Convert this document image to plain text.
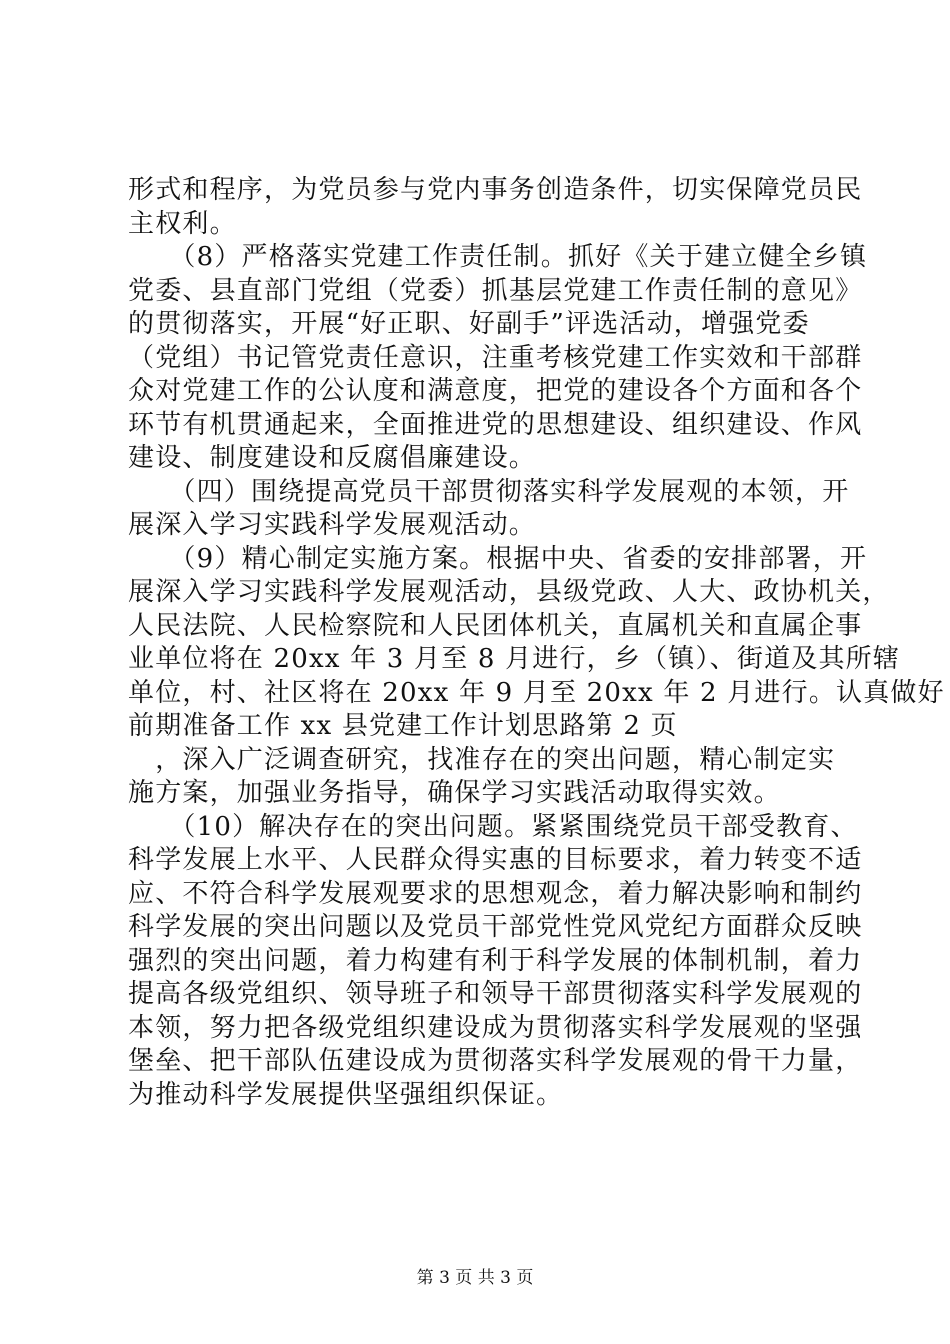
形式和程序，为党员参与党内事务创造条件，切实保障党员民
主权利。
　　（8）严格落实党建工作责任制。抓好《关于建立健全乡镇
党委、县直部门党组（党委）抓基层党建工作责任制的意见》
的贯彻落实，开展“好正职、好副手”评选活动，增强党委
（党组）书记管党责任意识，注重考核党建工作实效和干部群
众对党建工作的公认度和满意度，把党的建设各个方面和各个
环节有机贯通起来，全面推进党的思想建设、组织建设、作风
建设、制度建设和反腐倡廉建设。
　　（四）围绕提高党员干部贯彻落实科学发展观的本领，开
展深入学习实践科学发展观活动。
　　（9）精心制定实施方案。根据中央、省委的安排部署，开
展深入学习实践科学发展观活动，县级党政、人大、政协机关，
人民法院、人民检察院和人民团体机关，直属机关和直属企事
业单位将在 20xx 年 3 月至 8 月进行，乡（镇）、街道及其所辖
单位，村、社区将在 20xx 年 9 月至 20xx 年 2 月进行。认真做好
前期准备工作 xx 县党建工作计划思路第 2 页
　，深入广泛调查研究，找准存在的突出问题，精心制定实
施方案，加强业务指导，确保学习实践活动取得实效。
　　（10）解决存在的突出问题。紧紧围绕党员干部受教育、
科学发展上水平、人民群众得实惠的目标要求，着力转变不适
应、不符合科学发展观要求的思想观念，着力解决影响和制约
科学发展的突出问题以及党员干部党性党风党纪方面群众反映
强烈的突出问题，着力构建有利于科学发展的体制机制，着力
提高各级党组织、领导班子和领导干部贯彻落实科学发展观的
本领，努力把各级党组织建设成为贯彻落实科学发展观的坚强
堡垒、把干部队伍建设成为贯彻落实科学发展观的骨干力量，
为推动科学发展提供坚强组织保证。
第 3 页 共 3 页
